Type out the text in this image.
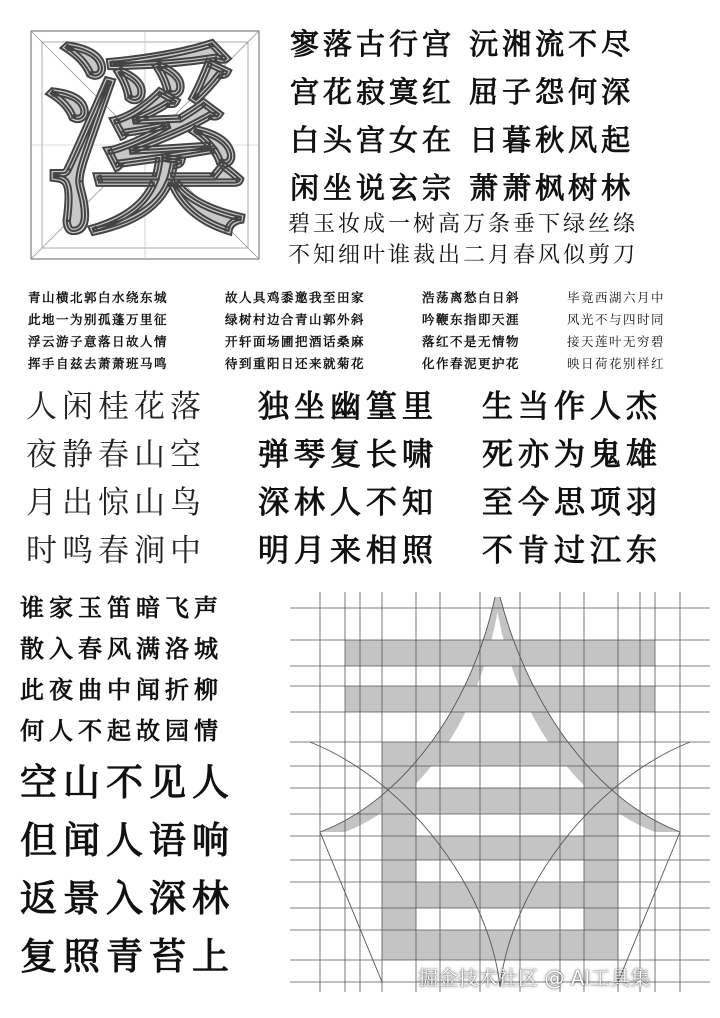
溪	寥落古行宫 沅湘流不尽
宫花寂寞红 屈子怨何深
白头宫女在 日暮秋风起
闲坐说玄宗 萧萧枫树林
碧玉妆成一树高万条垂下绿丝绦
不知细叶谁裁出二月春风似剪刀
青山横北郭白水绕东城
此地一为别孤蓬万里征
浮云游子意落日故人情
挥手自兹去萧萧班马鸣
故人具鸡黍邀我至田家
绿树村边合青山郭外斜
开轩面场圃把酒话桑麻
待到重阳日还来就菊花
浩荡离愁白日斜
吟鞭东指即天涯
落红不是无情物
化作春泥更护花
毕竟西湖六月中
风光不与四时同
接天莲叶无穷碧
映日荷花别样红
人闲桂花落
夜静春山空
月出惊山鸟
时鸣春涧中
独坐幽篁里
弹琴复长啸
深林人不知
明月来相照
生当作人杰
死亦为鬼雄
至今思项羽
不肯过江东
谁家玉笛暗飞声
散入春风满洛城
此夜曲中闻折柳
何人不起故园情
空山不见人
但闻人语响
返景入深林
复照青苔上	掘金技术社区 @ AI工具集
